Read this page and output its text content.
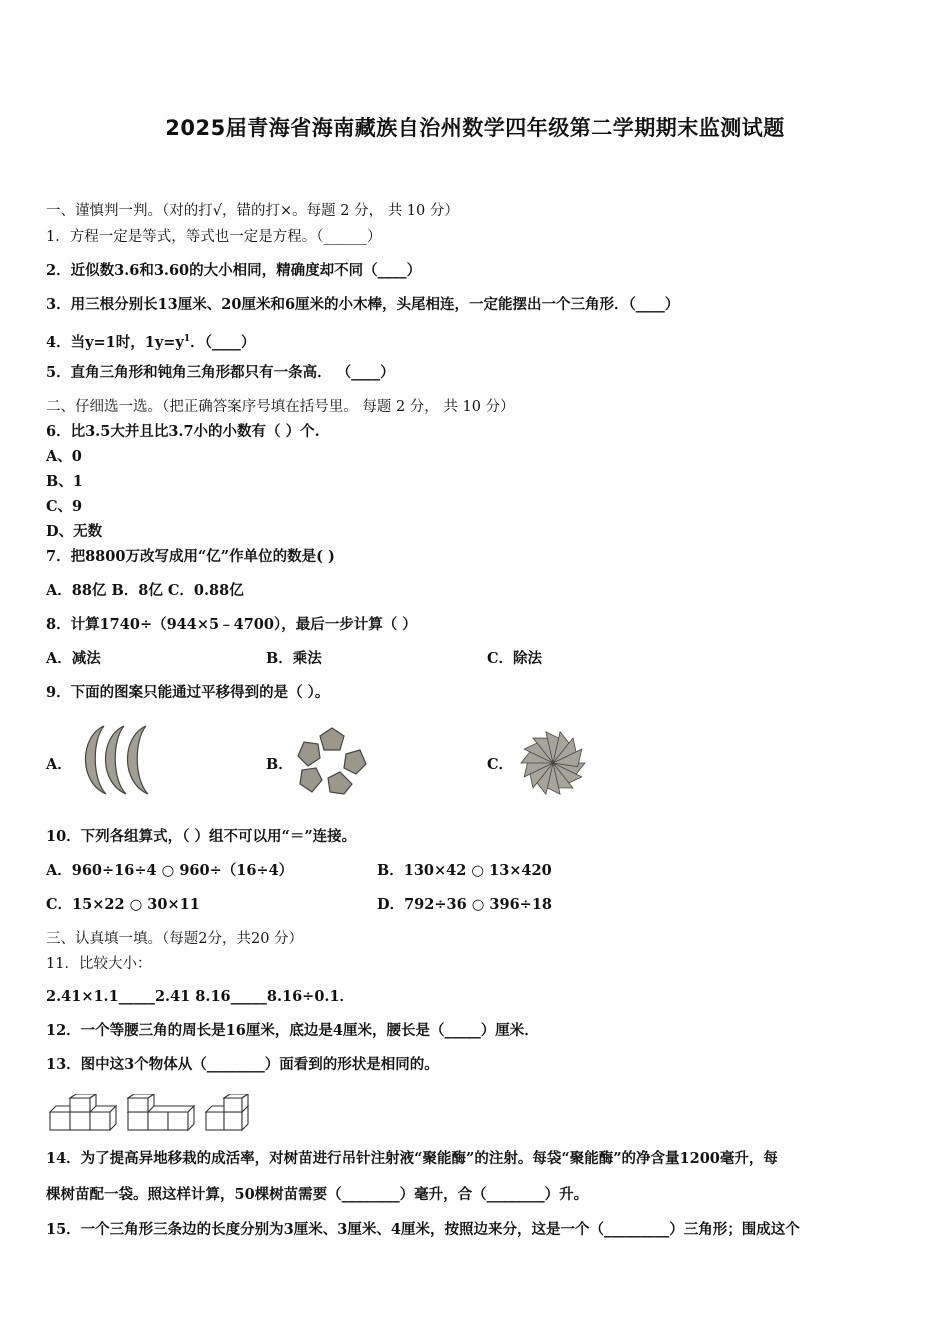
2025届青海省海南藏族自治州数学四年级第二学期期末监测试题
一、谨慎判一判。（对的打√，错的打×。每题 2 分， 共 10 分）
1．方程一定是等式，等式也一定是方程。（______）
2．近似数3.6和3.60的大小相同，精确度却不同（____）
3．用三根分别长13厘米、20厘米和6厘米的小木棒，头尾相连，一定能摆出一个三角形．（____）
4．当y=1时，$1y=y^1$．（____）
5．直角三角形和钝角三角形都只有一条高． （____）
二、仔细选一选。（把正确答案序号填在括号里。 每题 2 分， 共 10 分）
6．比3.5大并且比3.7小的小数有（ ）个.
A、0
B、1
C、9
D、无数
7．把8800万改写成用“亿”作单位的数是( )
A．88亿 B．8亿 C．0.88亿
8．计算1740÷（944×5﹣4700），最后一步计算（ ）
A．减法	B．乘法	C．除法
9．下面的图案只能通过平移得到的是（ ）。
A．	B．	C．
10．下列各组算式，（ ）组不可以用“＝”连接。
A．960÷16÷4 ○ 960÷（16÷4）	B．130×42 ○ 13×420
C．15×22 ○ 30×11	D．792÷36 ○ 396÷18
三、认真填一填。（每题2分，共20 分）
11．比较大小：
2.41×1.1_____2.41 8.16_____8.16÷0.1．
12．一个等腰三角的周长是16厘米，底边是4厘米，腰长是（_____）厘米．
13．图中这3个物体从（________）面看到的形状是相同的。
14．为了提高异地移栽的成活率，对树苗进行吊针注射液“聚能酶”的注射。每袋“聚能酶”的净含量1200毫升，每
棵树苗配一袋。照这样计算，50棵树苗需要（________）毫升，合（________）升。
15．一个三角形三条边的长度分别为3厘米、3厘米、4厘米，按照边来分，这是一个（_________）三角形；围成这个
